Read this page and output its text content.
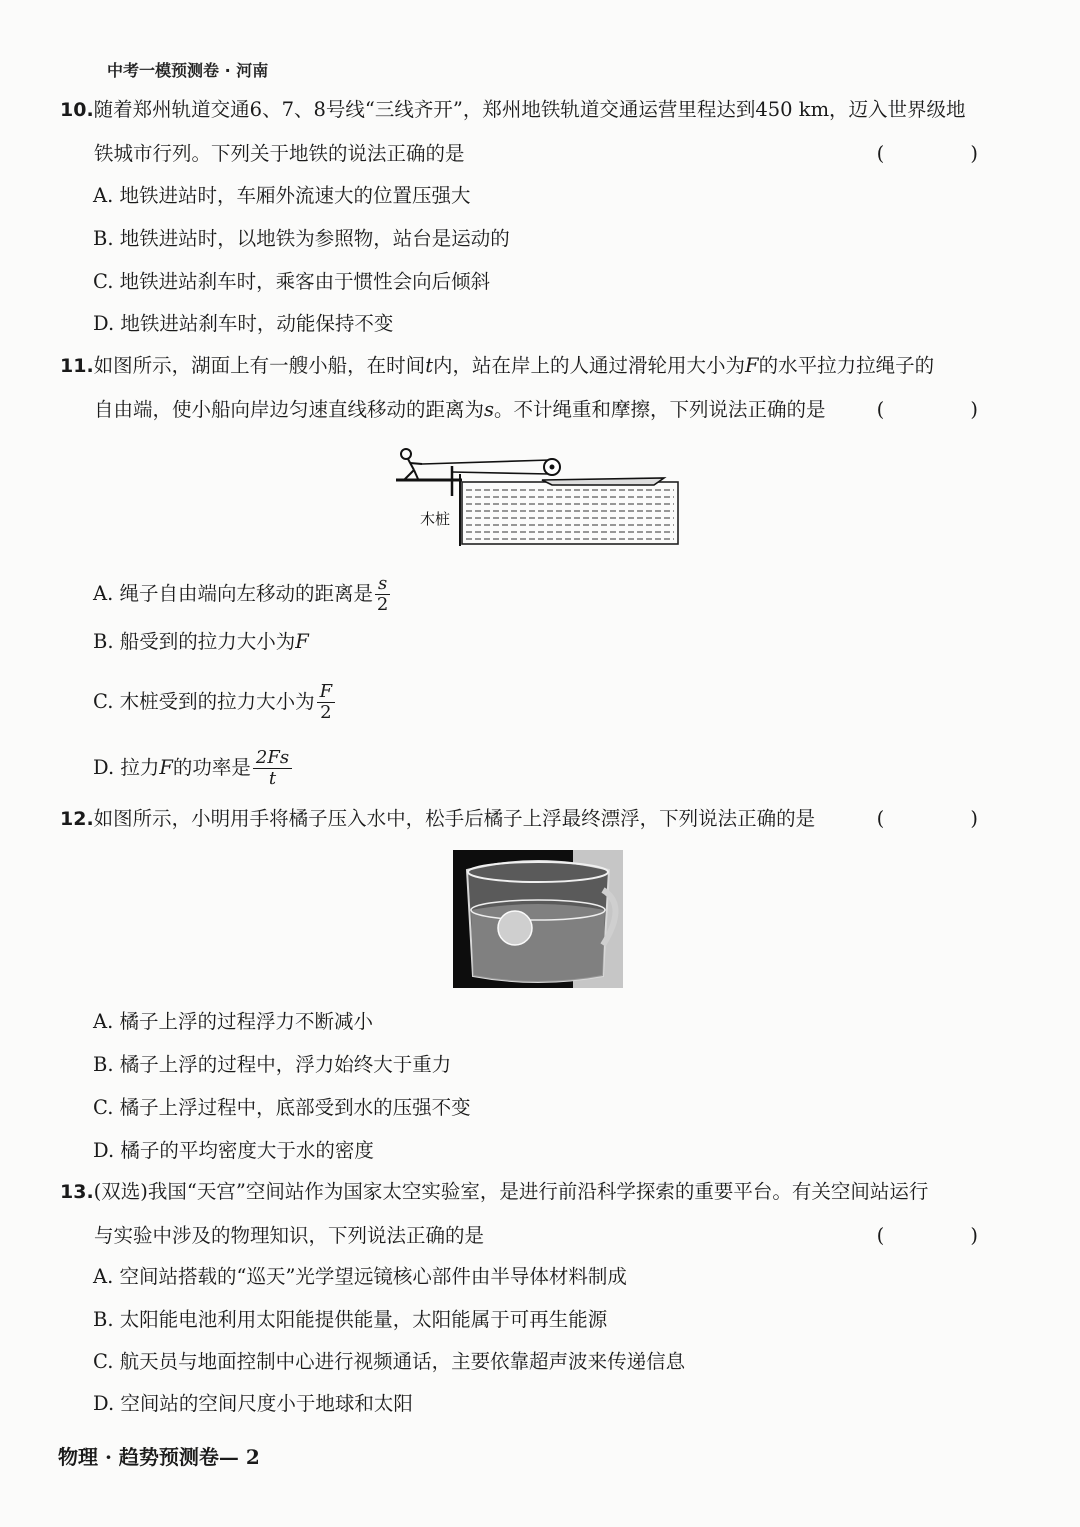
中考一模预测卷 · 河南
10.随着郑州轨道交通6、7、8号线“三线齐开”，郑州地铁轨道交通运营里程达到450 km，迈入世界级地
铁城市行列。下列关于地铁的说法正确的是	( )
A. 地铁进站时，车厢外流速大的位置压强大
B. 地铁进站时，以地铁为参照物，站台是运动的
C. 地铁进站刹车时，乘客由于惯性会向后倾斜
D. 地铁进站刹车时，动能保持不变
11.如图所示，湖面上有一艘小船，在时间t内，站在岸上的人通过滑轮用大小为F的水平拉力拉绳子的
自由端，使小船向岸边匀速直线移动的距离为s。不计绳重和摩擦，下列说法正确的是	( )
木桩
A. 绳子自由端向左移动的距离是 $\frac{s}{2}$
B. 船受到的拉力大小为F
C. 木桩受到的拉力大小为 $\frac{F}{2}$
D. 拉力F的功率是 $\frac{2Fs}{t}$
12.如图所示，小明用手将橘子压入水中，松手后橘子上浮最终漂浮，下列说法正确的是	( )
A. 橘子上浮的过程浮力不断减小
B. 橘子上浮的过程中，浮力始终大于重力
C. 橘子上浮过程中，底部受到水的压强不变
D. 橘子的平均密度大于水的密度
13.(双选)我国“天宫”空间站作为国家太空实验室，是进行前沿科学探索的重要平台。有关空间站运行
与实验中涉及的物理知识，下列说法正确的是	( )
A. 空间站搭载的“巡天”光学望远镜核心部件由半导体材料制成
B. 太阳能电池利用太阳能提供能量，太阳能属于可再生能源
C. 航天员与地面控制中心进行视频通话，主要依靠超声波来传递信息
D. 空间站的空间尺度小于地球和太阳
物理 · 趋势预测卷— 2
